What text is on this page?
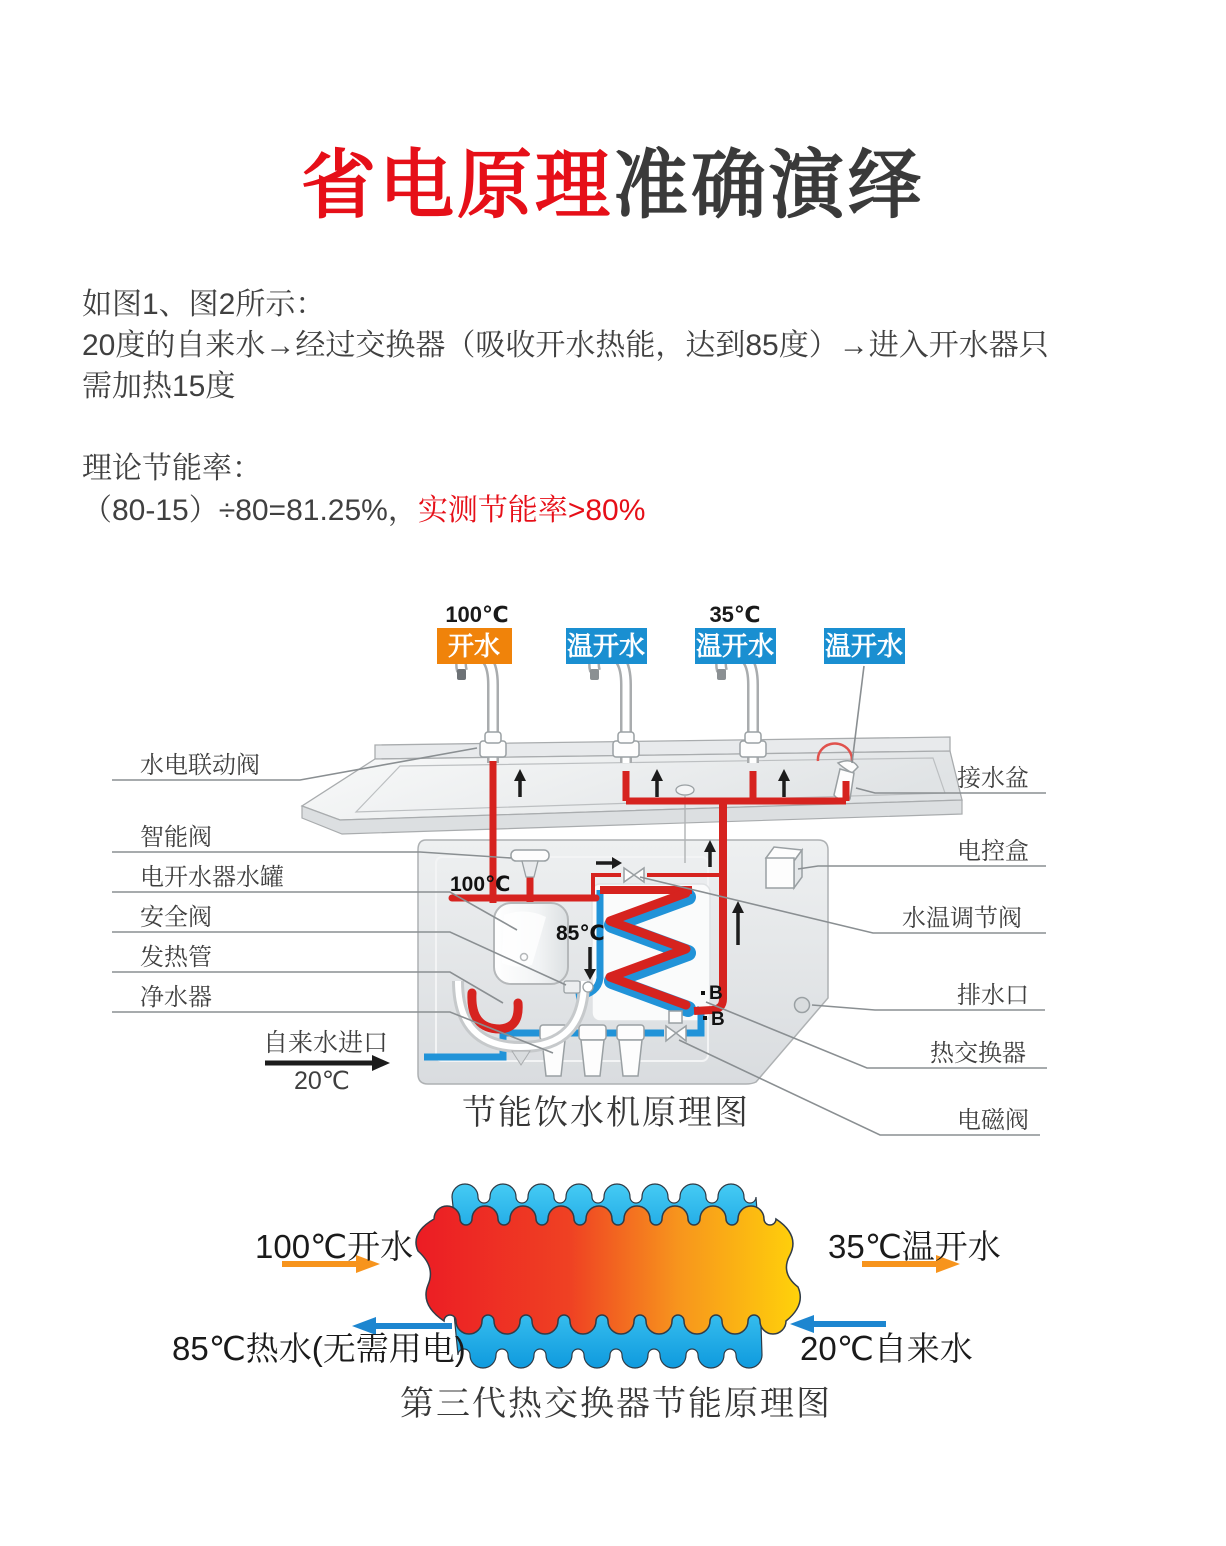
省电原理准确演绎
如图1、图2所示：
20度的自来水→经过交换器（吸收开水热能，达到85度）→进入开水器只
需加热15度
理论节能率：
（80-15）÷80=81.25%，实测节能率>80%
100℃	35℃
开水	温开水 温开水 温开水
B
B
100℃
85℃
水电联动阀
智能阀
电开水器水罐
安全阀
发热管
净水器
自来水进口
20℃
接水盆
电控盒
水温调节阀
排水口
热交换器
电磁阀
节能饮水机原理图
100℃开水	35℃温开水
85℃热水(无需用电)	20℃自来水
第三代热交换器节能原理图
